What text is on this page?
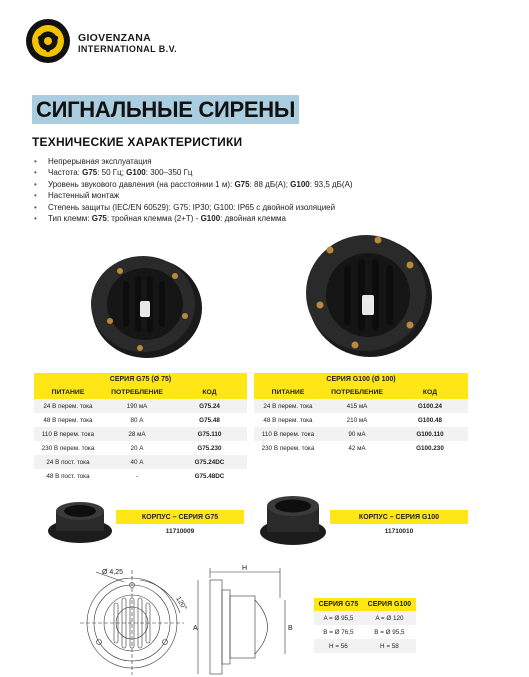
GIOVENZANA
INTERNATIONAL B.V.
СИГНАЛЬНЫЕ СИРЕНЫ
ТЕХНИЧЕСКИЕ ХАРАКТЕРИСТИКИ
• Непрерывная эксплуатация
• Частота: G75: 50 Гц; G100: 300–350 Гц
• Уровень звукового давления (на расстоянии 1 м): G75: 88 дБ(A); G100: 93,5 дБ(A)
• Настенный монтаж
• Степень защиты (IEC/EN 60529): G75: IP30; G100: IP65 с двойной изоляцией
• Тип клемм: G75: тройная клемма (2+T) - G100: двойная клемма
СЕРИЯ G75 (Ø 75)		
ПИТАНИЕ	ПОТРЕБЛЕНИЕ	КОД
24 В перем. тока	190 мА	G75.24
48 В перем. тока	80 А	G75.48
110 В перем. тока	28 мА	G75.110
230 В перем. тока	20 А	G75.230
24 В пост. тока	40 А	G75.24DC
48 В пост. тока	-	G75.48DC
СЕРИЯ G100 (Ø 100)		
ПИТАНИЕ	ПОТРЕБЛЕНИЕ	КОД
24 В перем. тока	415 мА	G100.24
48 В перем. тока	210 мА	G100.48
110 В перем. тока	90 мА	G100.110
230 В перем. тока	42 мА	G100.230
КОРПУС – СЕРИЯ G75
11710009
КОРПУС – СЕРИЯ G100
11710010
Ø 4,25
120°
H
A	B
СЕРИЯ G75	СЕРИЯ G100
A = Ø 95,5	A = Ø 120
B = Ø 76,5	B = Ø 95,5
H = 56	H = 58
